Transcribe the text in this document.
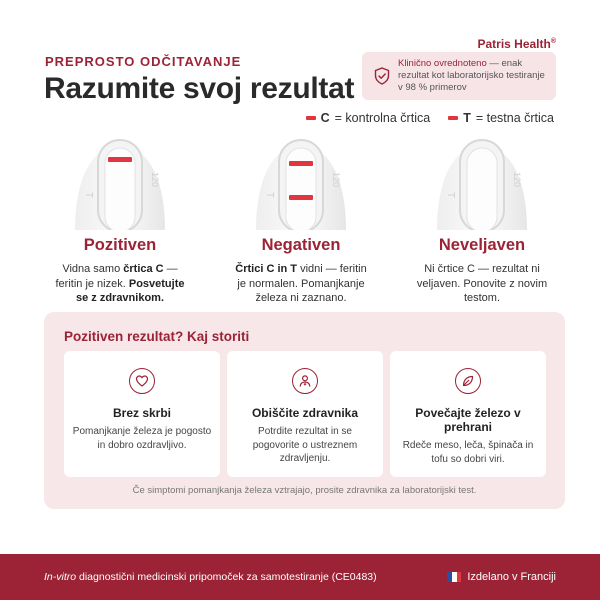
Patris Health®
PREPROSTO ODČITAVANJE
Razumite svoj rezultat
Klinično ovrednoteno — enak rezultat kot laboratorijsko testiranje v 98 % primerov
C = kontrolna črtica	T = testna črtica
T
120
Pozitiven
Vidna samo črtica C — feritin je nizek. Posvetujte se z zdravnikom.
T
120
Negativen
Črtici C in T vidni — feritin je normalen. Pomanjkanje železa ni zaznano.
T
120
Neveljaven
Ni črtice C — rezultat ni veljaven. Ponovite z novim testom.
Pozitiven rezultat? Kaj storiti
Brez skrbi
Pomanjkanje železa je pogosto in dobro ozdravljivo.
Obiščite zdravnika
Potrdite rezultat in se pogovorite o ustreznem zdravljenju.
Povečajte železo v prehrani
Rdeče meso, leča, špinača in tofu so dobri viri.
Če simptomi pomanjkanja železa vztrajajo, prosite zdravnika za laboratorijski test.
In-vitro diagnostični medicinski pripomoček za samotestiranje (CE0483)	Izdelano v Franciji
